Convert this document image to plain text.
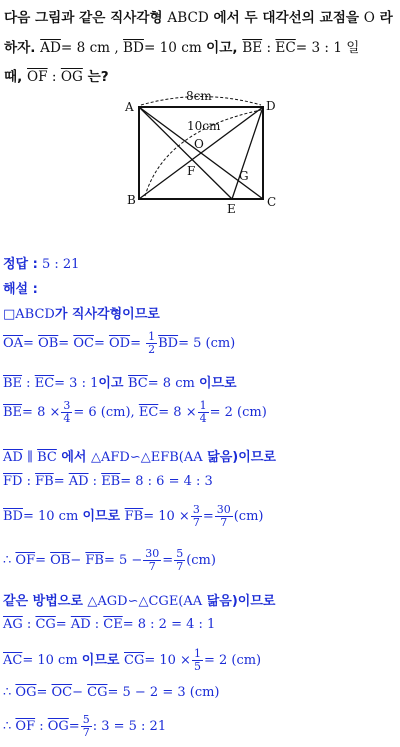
다음 그림과 같은 직사각형 ABCD 에서 두 대각선의 교점을 O 라
하자. $\overline{AD}= 8$ cm , $\overline{BD}= 10$ cm 이고, $\overline{BE}$ : $\overline{EC}= 3$ : 1 일
때, $\overline{OF}$ : $\overline{OG}$ 는?
A
B	C
D
O
F
E
G
8cm
10cm
정답 : 5 : 21
해설 :
□ABCD가 직사각형이므로
$\overline{OA}= \overline{OB}= \overline{OC}= \overline{OD}= \frac{1}{2} \overline{BD}= 5$ (cm)
$\overline{BE}$ : $\overline{EC}= 3$ : 1이고 $\overline{BC}= 8$ cm 이므로
$\overline{BE}= 8 \times \frac{3}{4} = 6$ (cm), $\overline{EC}= 8 \times \frac{1}{4} = 2$ (cm)
$\overline{AD}$ ∥ $\overline{BC}$ 에서 △AFD∽△EFB(AA 닮음)이므로
$\overline{FD}$ : $\overline{FB}= \overline{AD}$ : $\overline{EB}= 8$ : 6 = 4 : 3
$\overline{BD}= 10$ cm 이므로 $\overline{FB}= 10 \times \frac{3}{7} = \frac{30}{7} (cm)$
∴ $\overline{OF}= \overline{OB}- \overline{FB}= 5 - \frac{30}{7} = \frac{5}{7} (cm)$
같은 방법으로 △AGD∽△CGE(AA 닮음)이므로
$\overline{AG}$ : $\overline{CG}= \overline{AD}$ : $\overline{CE}= 8$ : 2 = 4 : 1
$\overline{AC}= 10$ cm 이므로 $\overline{CG}= 10 \times \frac{1}{5} = 2$ (cm)
∴ $\overline{OG}= \overline{OC}- \overline{CG}= 5 - 2 = 3$ (cm)
∴ $\overline{OF}$ : $\overline{OG}= \frac{5}{7}$ : 3 = 5 : 21
